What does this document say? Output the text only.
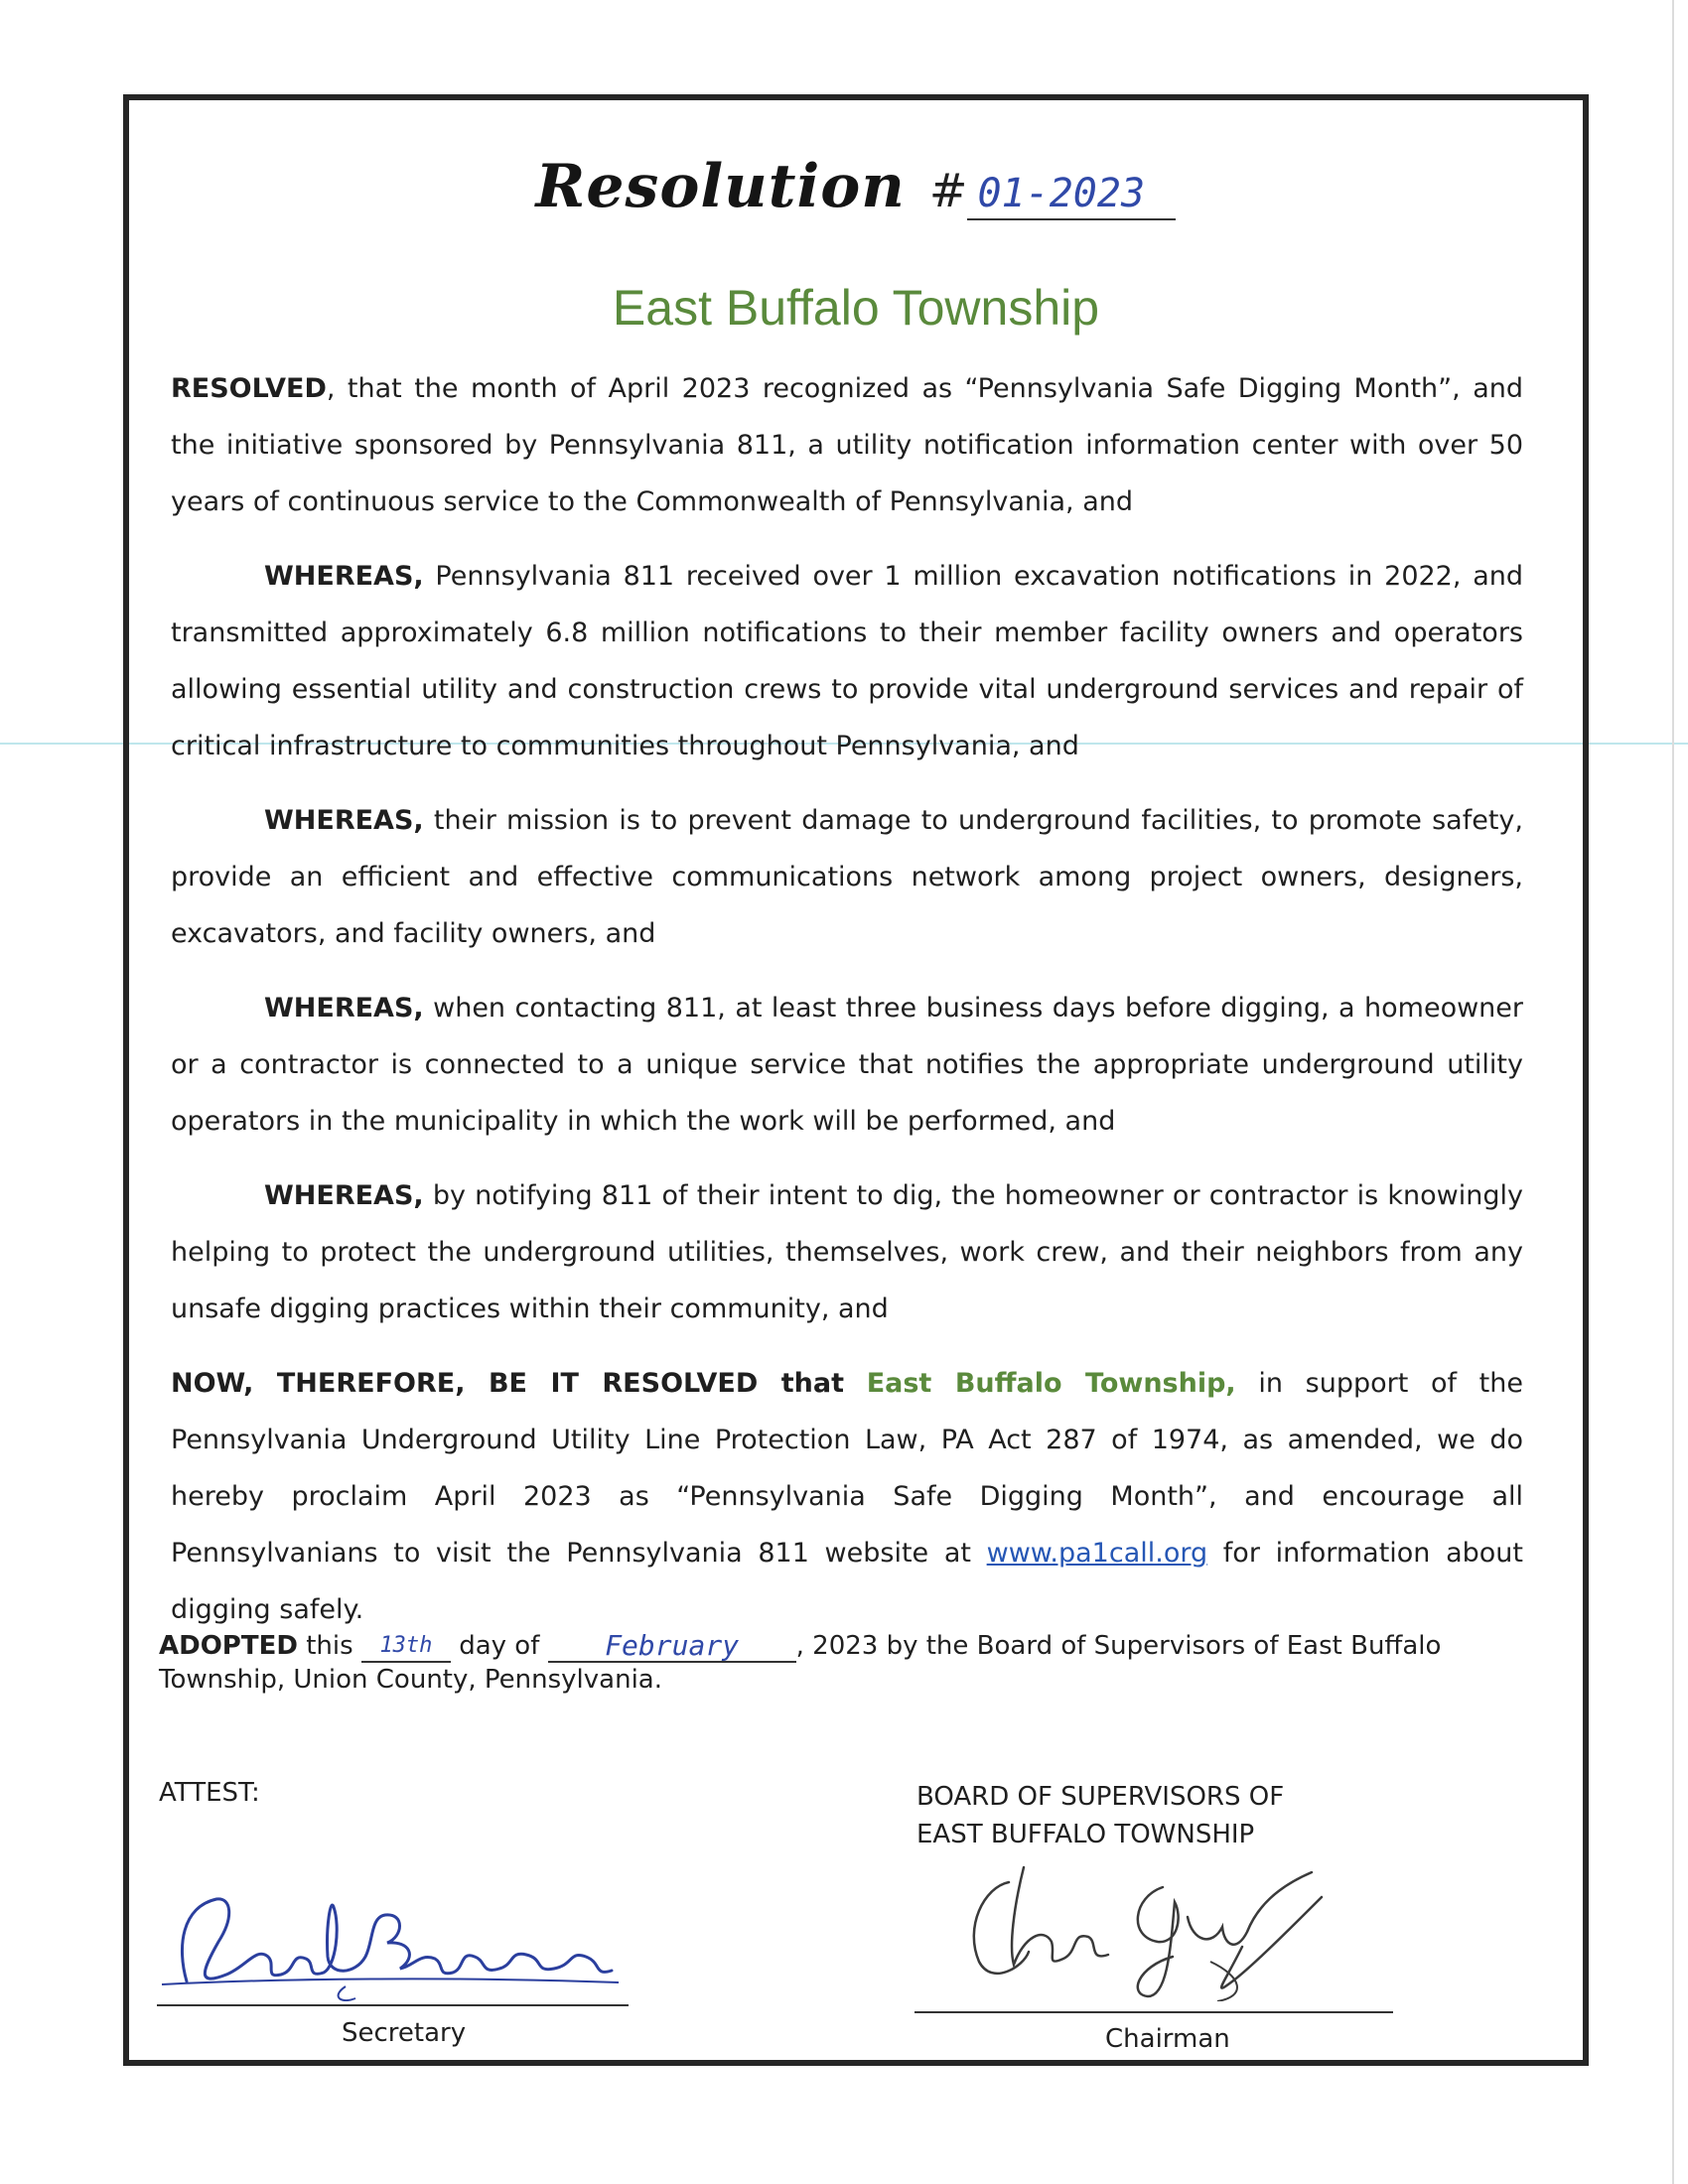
Resolution # 01-2023
East Buffalo Township

RESOLVED, that the month of April 2023 recognized as “Pennsylvania Safe Digging Month”, and the initiative sponsored by Pennsylvania 811, a utility notification information center with over 50 years of continuous service to the Commonwealth of Pennsylvania, and

WHEREAS, Pennsylvania 811 received over 1 million excavation notifications in 2022, and transmitted approximately 6.8 million notifications to their member facility owners and operators allowing essential utility and construction crews to provide vital underground services and repair of critical infrastructure to communities throughout Pennsylvania, and

WHEREAS, their mission is to prevent damage to underground facilities, to promote safety, provide an efficient and effective communications network among project owners, designers, excavators, and facility owners, and

WHEREAS, when contacting 811, at least three business days before digging, a homeowner or a contractor is connected to a unique service that notifies the appropriate underground utility operators in the municipality in which the work will be performed, and

WHEREAS, by notifying 811 of their intent to dig, the homeowner or contractor is knowingly helping to protect the underground utilities, themselves, work crew, and their neighbors from any unsafe digging practices within their community, and

NOW, THEREFORE, BE IT RESOLVED that East Buffalo Township, in support of the Pennsylvania Underground Utility Line Protection Law, PA Act 287 of 1974, as amended, we do hereby proclaim April 2023 as “Pennsylvania Safe Digging Month”, and encourage all Pennsylvanians to visit the Pennsylvania 811 website at www.pa1call.org for information about digging safely.

ADOPTED this 13th day of February , 2023 by the Board of Supervisors of East Buffalo Township, Union County, Pennsylvania.
ATTEST:	BOARD OF SUPERVISORS OF
EAST BUFFALO TOWNSHIP
Secretary	Chairman
